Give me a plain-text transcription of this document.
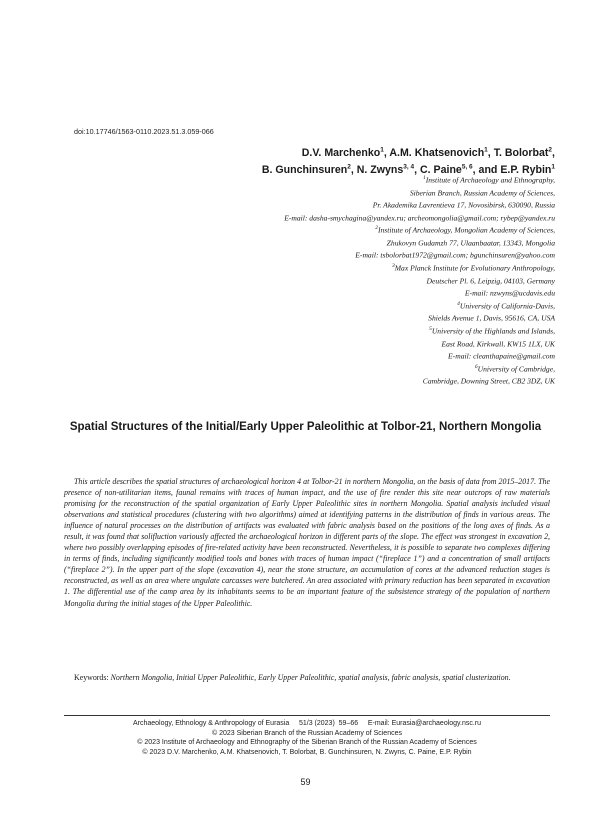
doi:10.17746/1563-0110.2023.51.3.059-066
D.V. Marchenko$^1$, A.M. Khatsenovich$^1$, T. Bolorbat$^2$,
B. Gunchinsuren$^2$, N. Zwyns$^{3, 4}$, C. Paine$^{5, 6}$, and E.P. Rybin$^1$
$^1$Institute of Archaeology and Ethnography,
Siberian Branch, Russian Academy of Sciences,
Pr. Akademika Lavrentieva 17, Novosibirsk, 630090, Russia
E-mail: dasha-smychagina@yandex.ru; archeomongolia@gmail.com; rybep@yandex.ru
$^2$Institute of Archaeology, Mongolian Academy of Sciences,
Zhukovyn Gudamzh 77, Ulaanbaatar, 13343, Mongolia
E-mail: tsbolorbat1972@gmail.com; bgunchinsuren@yahoo.com
$^3$Max Planck Institute for Evolutionary Anthropology,
Deutscher Pl. 6, Leipzig, 04103, Germany
E-mail: nzwyns@ucdavis.edu
$^4$University of California-Davis,
Shields Avenue 1, Davis, 95616, CA, USA
$^5$University of the Highlands and Islands,
East Road, Kirkwall, KW15 1LX, UK
E-mail: cleanthapaine@gmail.com
$^6$University of Cambridge,
Cambridge, Downing Street, CB2 3DZ, UK
Spatial Structures of the Initial/Early Upper Paleolithic at Tolbor-21, Northern Mongolia

This article describes the spatial structures of archaeological horizon 4 at Tolbor-21 in northern Mongolia, on the basis of data from 2015–2017. The presence of non-utilitarian items, faunal remains with traces of human impact, and the use of fire render this site near outcrops of raw materials promising for the reconstruction of the spatial organization of Early Upper Paleolithic sites in northern Mongolia. Spatial analysis included visual observations and statistical procedures (clustering with two algorithms) aimed at identifying patterns in the distribution of finds in various areas. The influence of natural processes on the distribution of artifacts was evaluated with fabric analysis based on the positions of the long axes of finds. As a result, it was found that solifluction variously affected the archaeological horizon in different parts of the slope. The effect was strongest in excavation 2, where two possibly overlapping episodes of fire-related activity have been reconstructed. Nevertheless, it is possible to separate two complexes differing in terms of finds, including significantly modified tools and bones with traces of human impact (“fireplace 1”) and a concentration of small artifacts (“fireplace 2”). In the upper part of the slope (excavation 4), near the stone structure, an accumulation of cores at the advanced reduction stages is reconstructed, as well as an area where ungulate carcasses were butchered. An area associated with primary reduction has been separated in excavation 1. The differential use of the camp area by its inhabitants seems to be an important feature of the subsistence strategy of the population of northern Mongolia during the initial stages of the Upper Paleolithic.

Keywords: Northern Mongolia, Initial Upper Paleolithic, Early Upper Paleolithic, spatial analysis, fabric analysis, spatial clusterization.

Archaeology, Ethnology & Anthropology of Eurasia     51/3 (2023)  59–66     E-mail: Eurasia@archaeology.nsc.ru
© 2023 Siberian Branch of the Russian Academy of Sciences
© 2023 Institute of Archaeology and Ethnography of the Siberian Branch of the Russian Academy of Sciences
© 2023 D.V. Marchenko, A.M. Khatsenovich, T. Bolorbat, B. Gunchinsuren, N. Zwyns, C. Paine, E.P. Rybin
59
